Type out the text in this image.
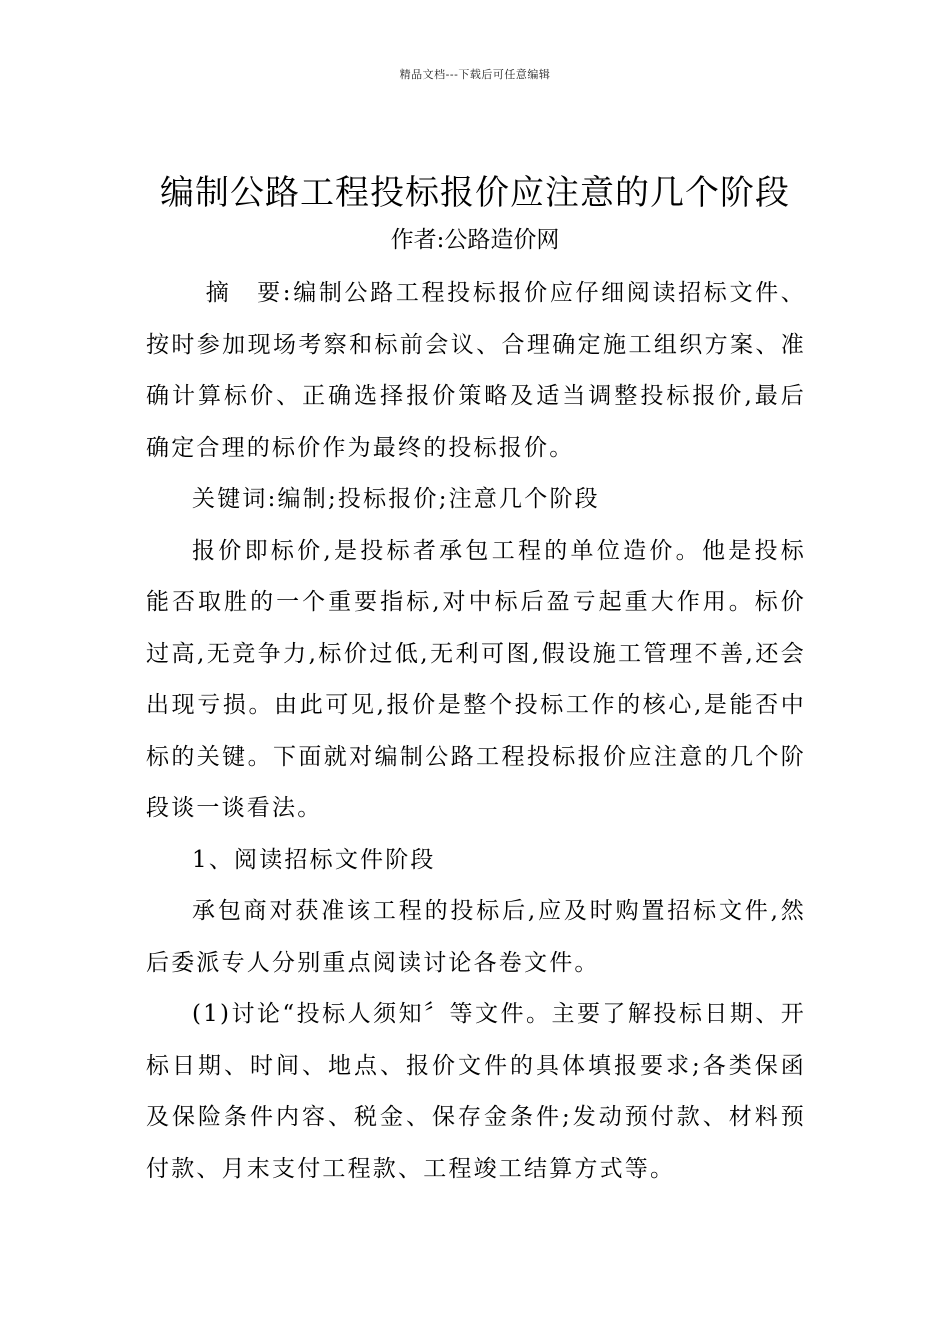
精品文档---下载后可任意编辑
编制公路工程投标报价应注意的几个阶段
作者:公路造价网

摘　要:编制公路工程投标报价应仔细阅读招标文件、按时参加现场考察和标前会议、合理确定施工组织方案、准确计算标价、正确选择报价策略及适当调整投标报价,最后确定合理的标价作为最终的投标报价。

关键词:编制;投标报价;注意几个阶段

报价即标价,是投标者承包工程的单位造价。他是投标能否取胜的一个重要指标,对中标后盈亏起重大作用。标价过高,无竞争力,标价过低,无利可图,假设施工管理不善,还会出现亏损。由此可见,报价是整个投标工作的核心,是能否中标的关键。下面就对编制公路工程投标报价应注意的几个阶段谈一谈看法。

1、阅读招标文件阶段

承包商对获准该工程的投标后,应及时购置招标文件,然后委派专人分别重点阅读讨论各卷文件。

(1)讨论“投标人须知〞等文件。主要了解投标日期、开标日期、时间、地点、报价文件的具体填报要求;各类保函及保险条件内容、税金、保存金条件;发动预付款、材料预付款、月末支付工程款、工程竣工结算方式等。
